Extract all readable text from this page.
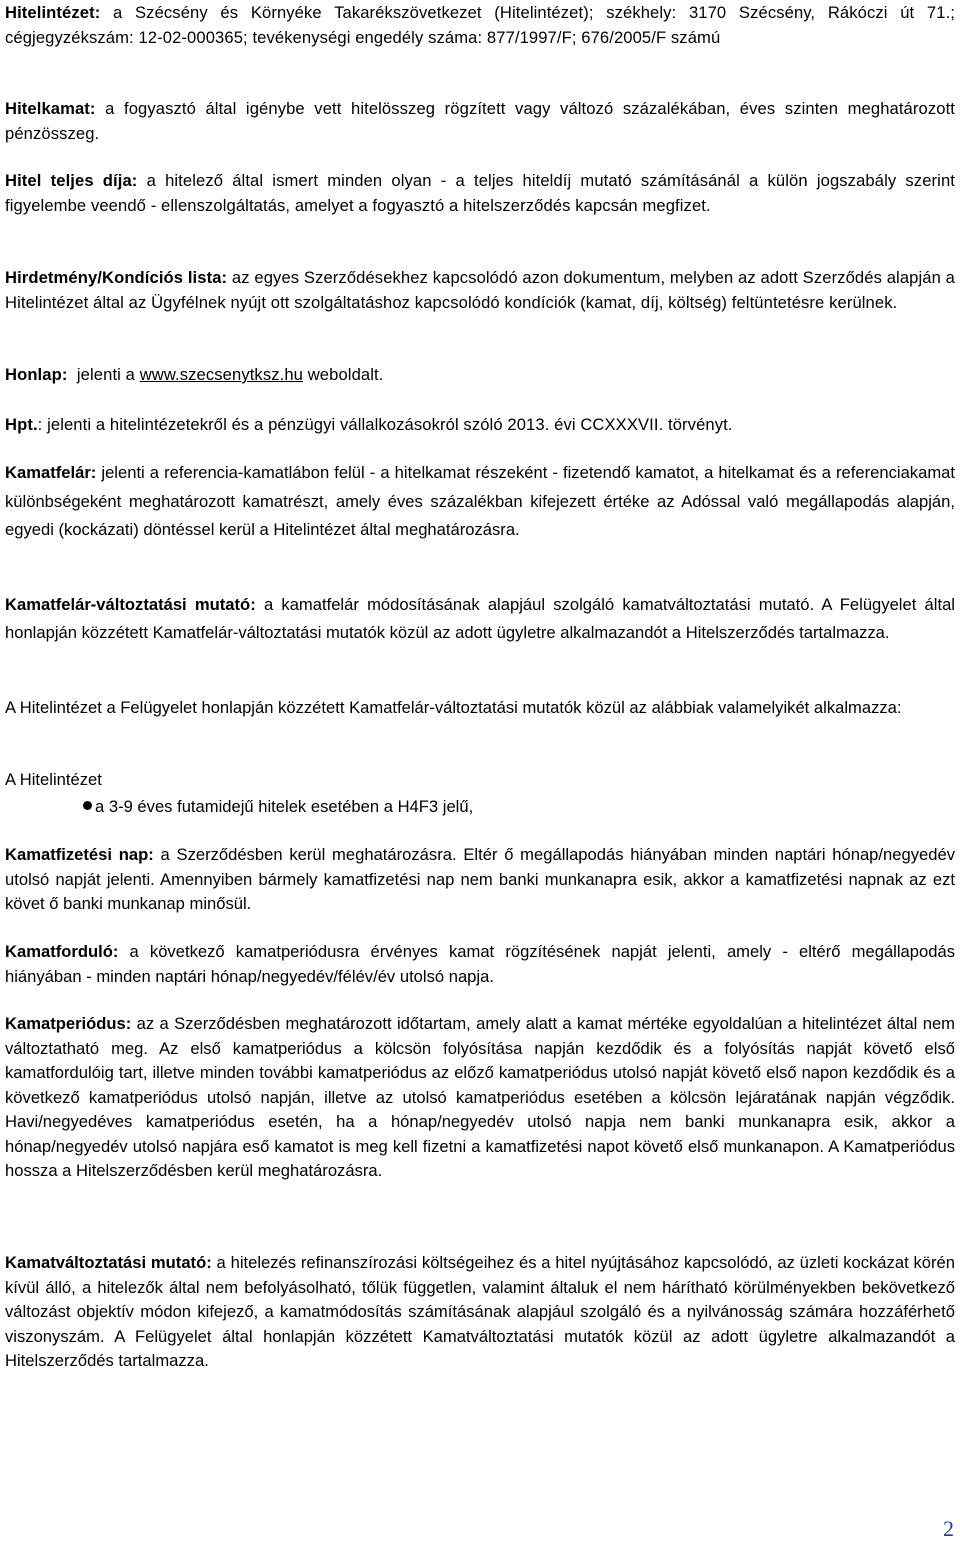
Hitelintézet: a Szécsény és Környéke Takarékszövetkezet (Hitelintézet); székhely: 3170 Szécsény, Rákóczi út 71.; cégjegyzékszám: 12-02-000365; tevékenységi engedély száma: 877/1997/F; 676/2005/F számú

Hitelkamat: a fogyasztó által igénybe vett hitelösszeg rögzített vagy változó százalékában, éves szinten meghatározott pénzösszeg.

Hitel teljes díja: a hitelező által ismert minden olyan - a teljes hiteldíj mutató számításánál a külön jogszabály szerint figyelembe veendő - ellenszolgáltatás, amelyet a fogyasztó a hitelszerződés kapcsán megfizet.

Hirdetmény/Kondíciós lista: az egyes Szerződésekhez kapcsolódó azon dokumentum, melyben az adott Szerződés alapján a Hitelintézet által az Ügyfélnek nyújt ott szolgáltatáshoz kapcsolódó kondíciók (kamat, díj, költség) feltüntetésre kerülnek.

Honlap:  jelenti a www.szecsenytksz.hu weboldalt.

Hpt.: jelenti a hitelintézetekről és a pénzügyi vállalkozásokról szóló 2013. évi CCXXXVII. törvényt.

Kamatfelár: jelenti a referencia-kamatlábon felül - a hitelkamat részeként - fizetendő kamatot, a hitelkamat és a referenciakamat különbségeként meghatározott kamatrészt, amely éves százalékban kifejezett értéke az Adóssal való megállapodás alapján, egyedi (kockázati) döntéssel kerül a Hitelintézet által meghatározásra.

Kamatfelár-változtatási mutató: a kamatfelár módosításának alapjául szolgáló kamatváltoztatási mutató. A Felügyelet által honlapján közzétett Kamatfelár-változtatási mutatók közül az adott ügyletre alkalmazandót a Hitelszerződés tartalmazza.

A Hitelintézet a Felügyelet honlapján közzétett Kamatfelár-változtatási mutatók közül az alábbiak valamelyikét alkalmazza:

A Hitelintézet

a 3-9 éves futamidejű hitelek esetében a H4F3 jelű,

Kamatfizetési nap: a Szerződésben kerül meghatározásra. Eltér ő megállapodás hiányában minden naptári hónap/negyedév utolsó napját jelenti. Amennyiben bármely kamatfizetési nap nem banki munkanapra esik, akkor a kamatfizetési napnak az ezt követ ő banki munkanap minősül.

Kamatforduló: a következő kamatperiódusra érvényes kamat rögzítésének napját jelenti, amely - eltérő megállapodás hiányában - minden naptári hónap/negyedév/félév/év utolsó napja.

Kamatperiódus: az a Szerződésben meghatározott időtartam, amely alatt a kamat mértéke egyoldalúan a hitelintézet által nem változtatható meg. Az első kamatperiódus a kölcsön folyósítása napján kezdődik és a folyósítás napját követő első kamatfordulóig tart, illetve minden további kamatperiódus az előző kamatperiódus utolsó napját követő első napon kezdődik és a következő kamatperiódus utolsó napján, illetve az utolsó kamatperiódus esetében a kölcsön lejáratának napján végződik. Havi/negyedéves kamatperiódus esetén, ha a hónap/negyedév utolsó napja nem banki munkanapra esik, akkor a hónap/negyedév utolsó napjára eső kamatot is meg kell fizetni a kamatfizetési napot követő első munkanapon. A Kamatperiódus hossza a Hitelszerződésben kerül meghatározásra.

Kamatváltoztatási mutató: a hitelezés refinanszírozási költségeihez és a hitel nyújtásához kapcsolódó, az üzleti kockázat körén kívül álló, a hitelezők által nem befolyásolható, tőlük független, valamint általuk el nem hárítható körülményekben bekövetkező változást objektív módon kifejező, a kamatmódosítás számításának alapjául szolgáló és a nyilvánosság számára hozzáférhető viszonyszám. A Felügyelet által honlapján közzétett Kamatváltoztatási mutatók közül az adott ügyletre alkalmazandót a Hitelszerződés tartalmazza.

2
